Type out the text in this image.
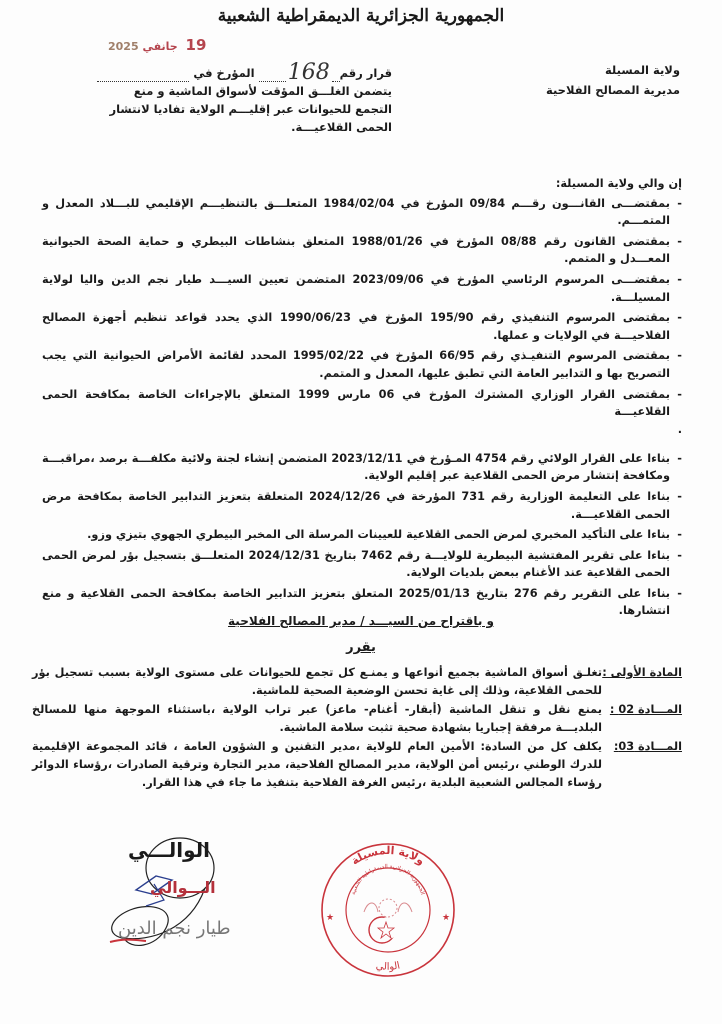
الجمهورية الجزائرية الديمقراطية الشعبية
ولاية المسيلة
مديرية المصالح الفلاحية
19 جانفي 2025
قرار رقم
168
المؤرخ في
يتضمن الغلـــق المؤقت لأسواق الماشية و منع التجمع للحيوانات عبر إقليـــم الولاية تفاديا لانتشار الحمى القلاعيـــة.
إن والي ولاية المسيلة:
-
بمقتضـــى القانـــون رقـــم 09/84 المؤرخ في 1984/02/04 المتعلـــق بالتنظيـــم الإقليمي للبـــلاد المعدل و المتمـــم.
-
بمقتضى القانون رقم 08/88 المؤرخ في 1988/01/26 المتعلق بنشاطات البيطري و حماية الصحة الحيوانية المعـــدل و المتمم.
-
بمقتضـــى المرسوم الرئاسي المؤرخ في 2023/09/06 المتضمن تعيين السيـــد طيار نجم الدين واليا لولاية المسيلـــة.
-
بمقتضى المرسوم التنفيذي رقم 195/90 المؤرخ في 1990/06/23 الذي يحدد قواعد تنظيم أجهزة المصالح الفلاحيـــة في الولايات و عملها.
-
بمقتضى المرسوم التنفيـذي رقم 66/95 المؤرخ في 1995/02/22 المحدد لقائمة الأمراض الحيوانية التي يجب التصريح بها و التدابير العامة التي تطبق عليها، المعدل و المتمم.
-
بمقتضى القرار الوزاري المشترك المؤرخ في 06 مارس 1999 المتعلق بالإجراءات الخاصة بمكافحة الحمى القلاعيـــة
.
-
بناءا على القرار الولائي رقم 4754 المـؤرخ في 2023/12/11 المتضمن إنشاء لجنة ولائية مكلفـــة برصد ،مراقبـــة ومكافحة إنتشار مرض الحمى القلاعية عبر إقليم الولاية.
-
بناءا على التعليمة الوزارية رقم 731 المؤرخة في 2024/12/26 المتعلقة بتعزيز التدابير الخاصة بمكافحة مرض الحمى القلاعيـــة.
-
بناءا على التأكيد المخبري لمرض الحمى القلاعية للعيينات المرسلة الى المخبر البيطري الجهوي بتيزي وزو.
-
بناءا على تقرير المفتشية البيطرية للولايـــة رقم 7462 بتاريخ 2024/12/31 المتعلـــق بتسجيل بؤر لمرض الحمى الحمى القلاعية عند الأغنام ببعض بلديات الولاية.
-
بناءا على التقرير رقم 276 بتاريخ 2025/01/13 المتعلق بتعزيز التدابير الخاصة بمكافحة الحمى القلاعية و منع انتشارها.
و باقتراح من السيـــد / مدير المصالح الفلاحية
يقرر
المادة الأولى :
تغلـق أسواق الماشية بجميع أنواعها و يمنـع كل تجمع للحيوانات على مستوى الولاية بسبب تسجيل بؤر للحمى القلاعية، وذلك إلى غاية تحسن الوضعية الصحية للماشية.
المـــادة 02 :
يمنع نقل و تنقل الماشية (أبقار- أغنام- ماعز) عبر تراب الولاية ،باستثناء الموجهة منها للمسالخ البلديـــة مرفقة إجباريا بشهادة صحية تثبت سلامة الماشية.
المـــادة 03:
يكلف كل من السادة: الأمين العام للولاية ،مدير التقنين و الشؤون العامة ، قائد المجموعة الإقليمية للدرك الوطني ،رئيس أمن الولاية، مدير المصالح الفلاحية، مدير التجارة وترقية الصادرات ،رؤساء الدوائر رؤساء المجالس الشعبية البلدية ،رئيس الغرفة الفلاحية بتنفيذ ما جاء في هذا القرار.
الوالـــي
الـــوالي
طيار نجم الدين
ولاية المسيلة
الجمهورية الجزائرية الديمقراطية الشعبية
الوالي
★	★
